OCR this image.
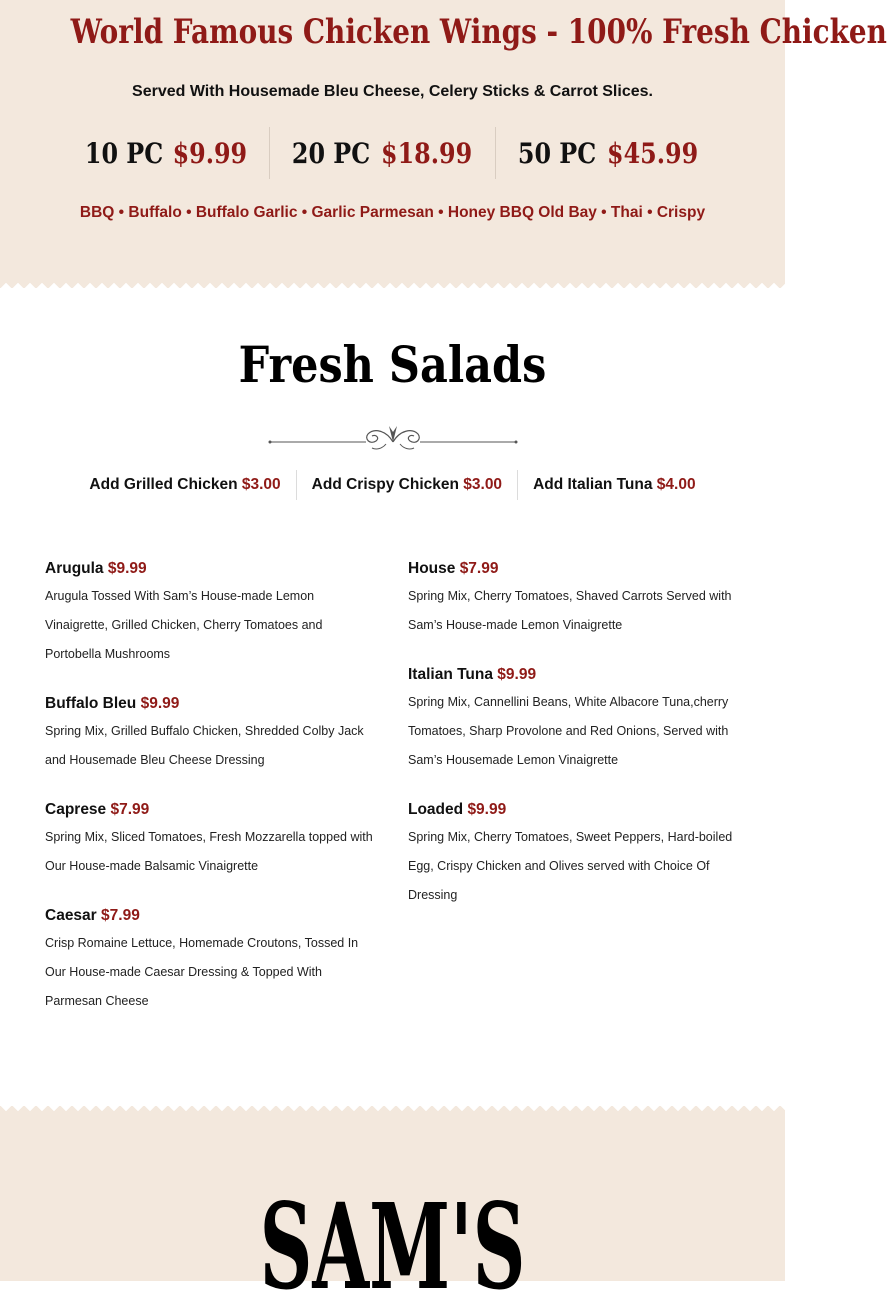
World Famous Chicken Wings - 100% Fresh Chicken
Served With Housemade Bleu Cheese, Celery Sticks & Carrot Slices.
10 PC $9.99 20 PC $18.99 50 PC $45.99
BBQ • Buffalo • Buffalo Garlic • Garlic Parmesan • Honey BBQ Old Bay • Thai • Crispy
Fresh Salads
Add Grilled Chicken $3.00	Add Crispy Chicken $3.00	Add Italian Tuna $4.00
Arugula $9.99
Arugula Tossed With Sam’s House-made Lemon Vinaigrette, Grilled Chicken, Cherry Tomatoes and Portobella Mushrooms
Buffalo Bleu $9.99
Spring Mix, Grilled Buffalo Chicken, Shredded Colby Jack and Housemade Bleu Cheese Dressing
Caprese $7.99
Spring Mix, Sliced Tomatoes, Fresh Mozzarella topped with Our House-made Balsamic Vinaigrette
Caesar $7.99
Crisp Romaine Lettuce, Homemade Croutons, Tossed In Our House-made Caesar Dressing & Topped With Parmesan Cheese
House $7.99
Spring Mix, Cherry Tomatoes, Shaved Carrots Served with Sam’s House-made Lemon Vinaigrette
Italian Tuna $9.99
Spring Mix, Cannellini Beans, White Albacore Tuna,cherry Tomatoes, Sharp Provolone and Red Onions, Served with Sam’s Housemade Lemon Vinaigrette
Loaded $9.99
Spring Mix, Cherry Tomatoes, Sweet Peppers, Hard-boiled Egg, Crispy Chicken and Olives served with Choice Of Dressing
SAM'S
